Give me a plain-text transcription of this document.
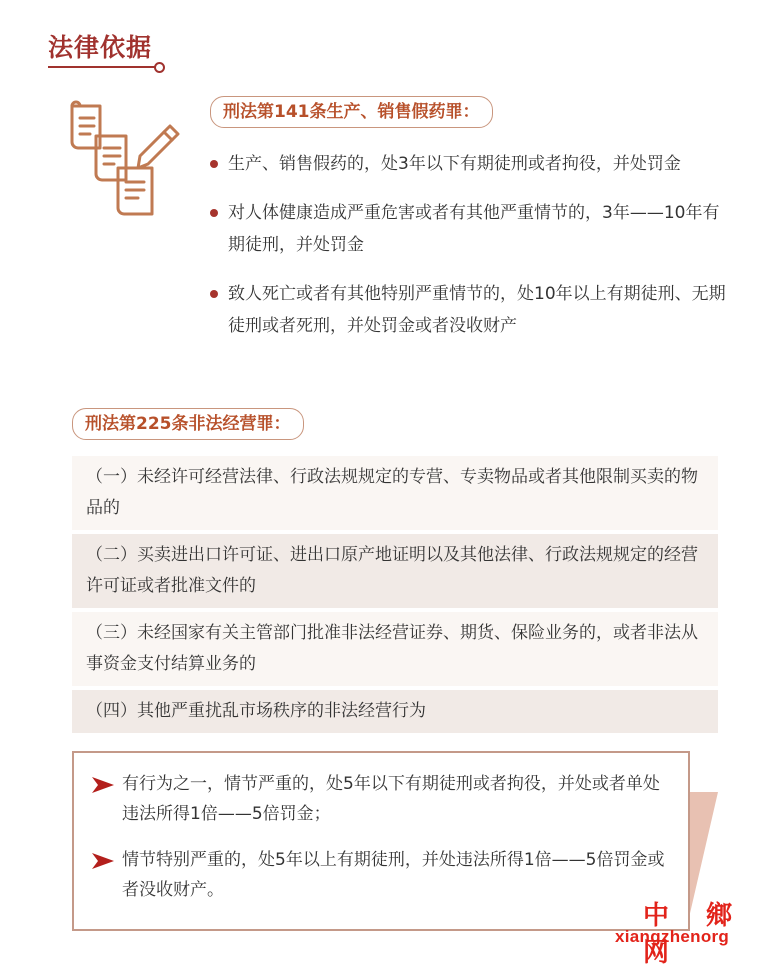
法律依据
刑法第141条生产、销售假药罪：
生产、销售假药的，处3年以下有期徒刑或者拘役，并处罚金
对人体健康造成严重危害或者有其他严重情节的，3年——10年有期徒刑，并处罚金
致人死亡或者有其他特别严重情节的，处10年以上有期徒刑、无期徒刑或者死刑，并处罚金或者没收财产
刑法第225条非法经营罪：
（一）未经许可经营法律、行政法规规定的专营、专卖物品或者其他限制买卖的物品的
（二）买卖进出口许可证、进出口原产地证明以及其他法律、行政法规规定的经营许可证或者批准文件的
（三）未经国家有关主管部门批准非法经营证券、期货、保险业务的，或者非法从事资金支付结算业务的
（四）其他严重扰乱市场秩序的非法经营行为
有行为之一，情节严重的，处5年以下有期徒刑或者拘役，并处或者单处违法所得1倍——5倍罚金；
情节特别严重的，处5年以上有期徒刑，并处违法所得1倍——5倍罚金或者没收财产。
中 鄉 网
xiangzhenorg
